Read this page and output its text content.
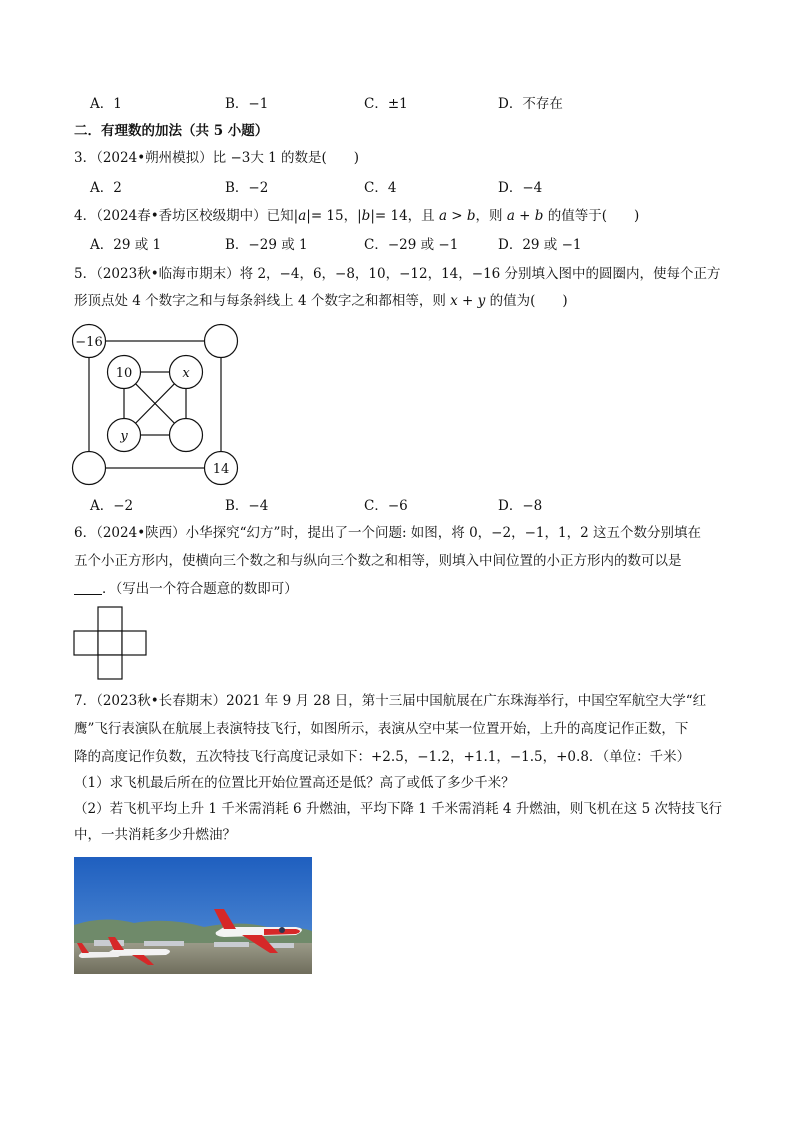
A．1	B．−1	C．±1	D．不存在
二．有理数的加法（共 5 小题）
3．（2024•朔州模拟）比 −3大 1 的数是(　　)
A．2	B．−2	C．4	D．−4
4．（2024春•香坊区校级期中）已知|a|= 15，|b|= 14，且 a > b，则 a + b 的值等于(　　)
A．29 或 1	B．−29 或 1	C．−29 或 −1	D．29 或 −1
5．（2023秋•临海市期末）将 2，−4，6，−8，10，−12，14，−16 分别填入图中的圆圈内，使每个正方
形顶点处 4 个数字之和与每条斜线上 4 个数字之和都相等，则 x + y 的值为(　　)
−16
14
10	x
y
A．−2	B．−4	C．−6	D．−8
6．（2024•陕西）小华探究“幻方”时，提出了一个问题: 如图，将 0，−2，−1，1，2 这五个数分别填在
五个小正方形内，使横向三个数之和与纵向三个数之和相等，则填入中间位置的小正方形内的数可以是
．（写出一个符合题意的数即可）
7．（2023秋•长春期末）2021 年 9 月 28 日，第十三届中国航展在广东珠海举行，中国空军航空大学“红
鹰”飞行表演队在航展上表演特技飞行，如图所示，表演从空中某一位置开始，上升的高度记作正数，下
降的高度记作负数，五次特技飞行高度记录如下：+2.5，−1.2，+1.1，−1.5，+0.8．（单位：千米）
（1）求飞机最后所在的位置比开始位置高还是低？高了或低了多少千米？
（2）若飞机平均上升 1 千米需消耗 6 升燃油，平均下降 1 千米需消耗 4 升燃油，则飞机在这 5 次特技飞行
中，一共消耗多少升燃油？
